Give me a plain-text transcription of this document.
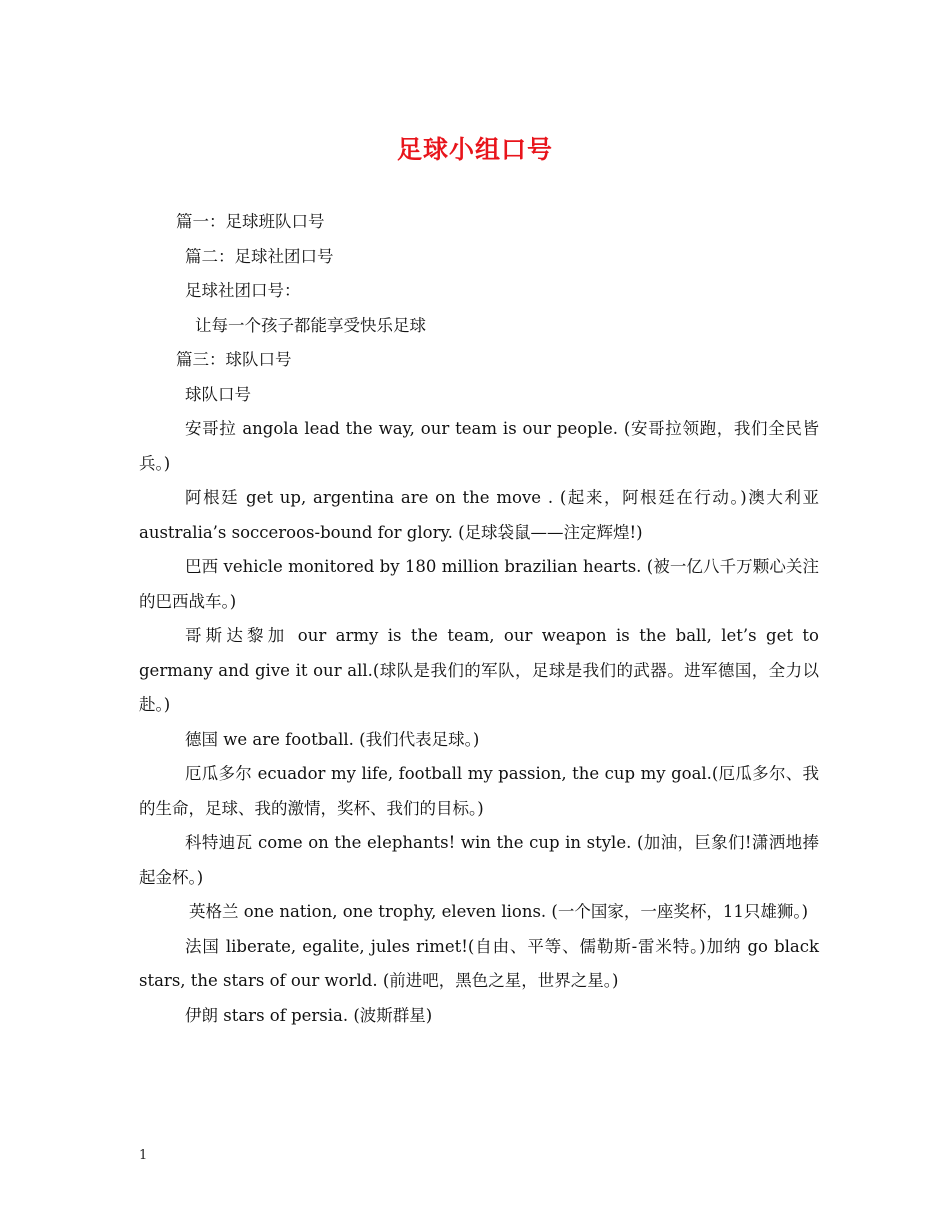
足球小组口号

篇一：足球班队口号

篇二：足球社团口号

足球社团口号：

让每一个孩子都能享受快乐足球

篇三：球队口号

球队口号

安哥拉 angola lead the way, our team is our people. (安哥拉领跑，我们全民皆兵。)

阿根廷 get up, argentina are on the move . (起来，阿根廷在行动。)澳大利亚 australia’s socceroos-bound for glory. (足球袋鼠——注定辉煌!)

巴西 vehicle monitored by 180 million brazilian hearts. (被一亿八千万颗心关注的巴西战车。)

哥斯达黎加 our army is the team, our weapon is the ball, let’s get to germany and give it our all.(球队是我们的军队，足球是我们的武器。进军德国，全力以赴。)

德国 we are football. (我们代表足球。)

厄瓜多尔 ecuador my life, football my passion, the cup my goal.(厄瓜多尔、我的生命，足球、我的激情，奖杯、我们的目标。)

科特迪瓦 come on the elephants! win the cup in style. (加油，巨象们!潇洒地捧起金杯。)

英格兰 one nation, one trophy, eleven lions. (一个国家，一座奖杯，11只雄狮。)

法国 liberate, egalite, jules rimet!(自由、平等、儒勒斯-雷米特。)加纳 go black stars, the stars of our world. (前进吧，黑色之星，世界之星。)

伊朗 stars of persia. (波斯群星)

1
